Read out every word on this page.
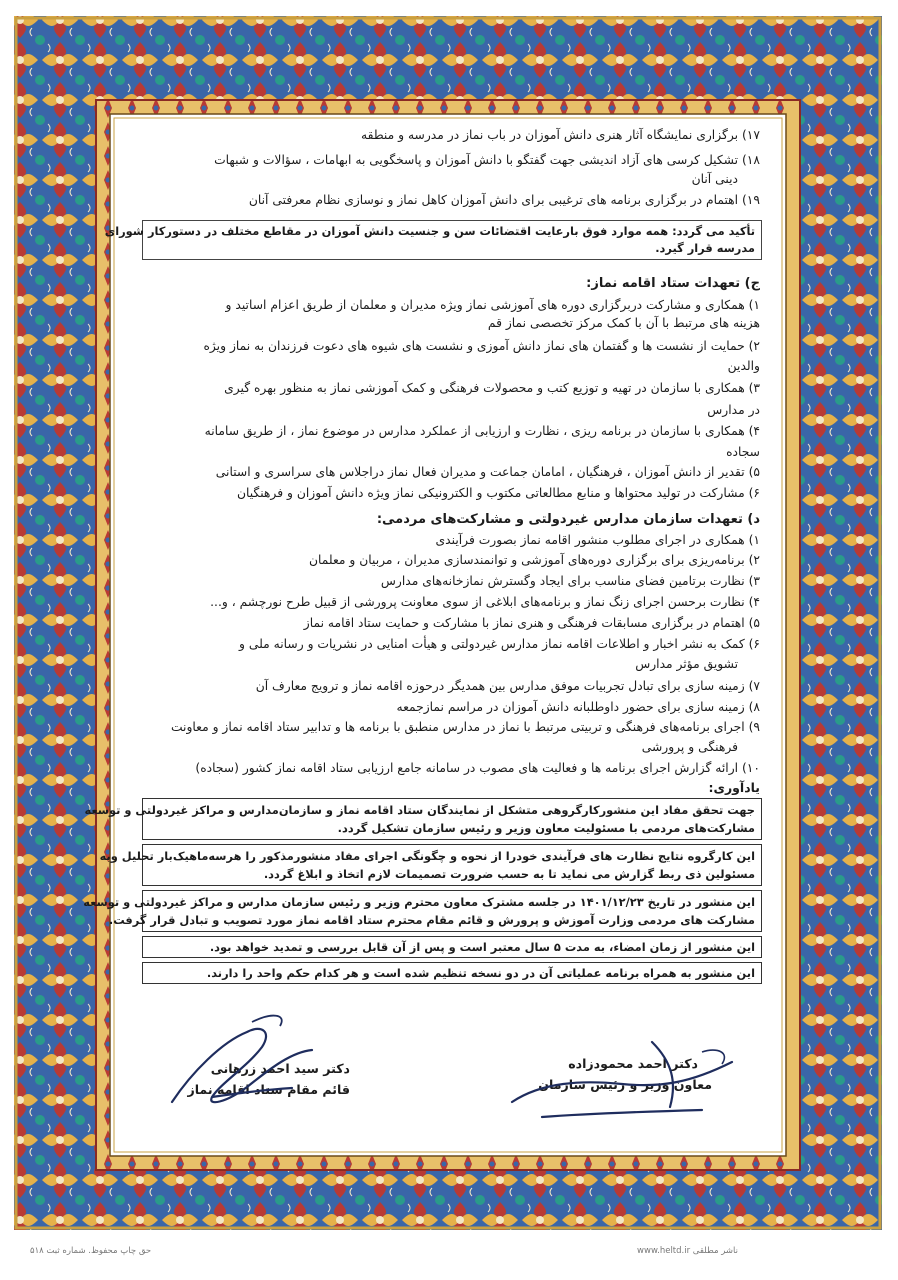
۱۷) برگزاری نمایشگاه آثار هنری دانش آموزان در باب نماز در مدرسه و منطقه
۱۸) تشکیل کرسی های آزاد اندیشی جهت گفتگو با دانش آموزان و پاسخگویی به ابهامات ، سؤالات و شبهات
دینی آنان
۱۹) اهتمام در برگزاری برنامه های ترغیبی برای دانش آموزان کاهل نماز و نوسازی نظام معرفتی آنان
تأکید می گردد: همه موارد فوق بارعایت اقتضائات سن و جنسیت دانش آموزان در مقاطع مختلف در دستورکار شورای
مدرسه قرار گیرد.
ج) تعهدات ستاد اقامه نماز:
۱) همکاری و مشارکت دربرگزاری دوره های آموزشی نماز ویژه مدیران و معلمان از طریق اعزام اساتید و
هزینه های مرتبط با آن با کمک مرکز تخصصی نماز قم
۲) حمایت از نشست ها و گفتمان های نماز دانش آموزی و نشست های شیوه های دعوت فرزندان به نماز ویژه
والدین
۳) همکاری با سازمان در تهیه و توزیع کتب و محصولات فرهنگی و کمک آموزشی نماز به منظور بهره گیری
در مدارس
۴) همکاری با سازمان در برنامه ریزی ، نظارت و ارزیابی از عملکرد مدارس در موضوع نماز ، از طریق سامانه
سجاده
۵) تقدیر از دانش آموزان ، فرهنگیان ، امامان جماعت و مدیران فعال نماز دراجلاس های سراسری و استانی
۶) مشارکت در تولید محتواها و منابع مطالعاتی مکتوب و الکترونیکی نماز ویژه دانش آموزان و فرهنگیان
د) تعهدات سازمان مدارس غیردولتی و مشارکت‌های مردمی:
۱) همکاری در اجرای مطلوب منشور اقامه نماز بصورت فرآیندی
۲) برنامه‌ریزی برای برگزاری دوره‌های آموزشی و توانمندسازی مدیران ، مربیان و معلمان
۳) نظارت برتامین فضای مناسب برای ایجاد وگسترش نمازخانه‌های مدارس
۴) نظارت برحسن اجرای زنگ نماز و برنامه‌های ابلاغی از سوی معاونت پرورشی از قبیل طرح نورچشم ، و...
۵) اهتمام در برگزاری مسابقات فرهنگی و هنری نماز با مشارکت و حمایت ستاد اقامه نماز
۶) کمک به نشر اخبار و اطلاعات اقامه نماز مدارس غیردولتی و هیأت امنایی در نشریات و رسانه ملی و
تشویق مؤثر مدارس
۷) زمینه سازی برای تبادل تجربیات موفق مدارس بین همدیگر درحوزه اقامه نماز و ترویج معارف آن
۸) زمینه سازی برای حضور داوطلبانه دانش آموزان در مراسم نمازجمعه
۹) اجرای برنامه‌های فرهنگی و تربیتی مرتبط با نماز در مدارس منطبق با برنامه ها و تدابیر ستاد اقامه نماز و معاونت
فرهنگی و پرورشی
۱۰) ارائه گزارش اجرای برنامه ها و فعالیت های مصوب در سامانه جامع ارزیابی ستاد اقامه نماز کشور (سجاده)
یادآوری:
جهت تحقق مفاد این منشورکارگروهی متشکل از نمایندگان ستاد اقامه نماز و سازمان‌مدارس و مراکز غیردولتی و توسعه
مشارکت‌های مردمی با مسئولیت معاون وزیر و رئیس سازمان تشکیل گردد.
این کارگروه نتایج نظارت های فرآیندی خودرا از نحوه و چگونگی اجرای مفاد منشورمذکور را هرسه‌ماهیک‌بار تحلیل وبه
مسئولین ذی ربط گزارش می نماید تا به حسب ضرورت تصمیمات لازم اتخاذ و ابلاغ گردد.
این منشور در تاریخ ۱۴۰۱/۱۲/۲۳ در جلسه مشترک معاون محترم وزیر و رئیس سازمان مدارس و مراکز غیردولتی و توسعه
مشارکت های مردمی وزارت آموزش و پرورش و قائم مقام محترم ستاد اقامه نماز مورد تصویب و تبادل قرار گرفت.
این منشور از زمان امضاء، به مدت ۵ سال معتبر است و پس از آن قابل بررسی و تمدید خواهد بود.
این منشور به همراه برنامه عملیاتی آن در دو نسخه تنظیم شده است و هر کدام حکم واحد را دارند.
دکتر احمد محمودزاده
معاون وزیر و رئیس سازمان
دکتر سید احمد زرهانی
قائم مقام ستاد اقامه نماز
ناشر مطلقی www.heltd.ir
حق چاپ محفوظ. شماره ثبت ۵۱۸
